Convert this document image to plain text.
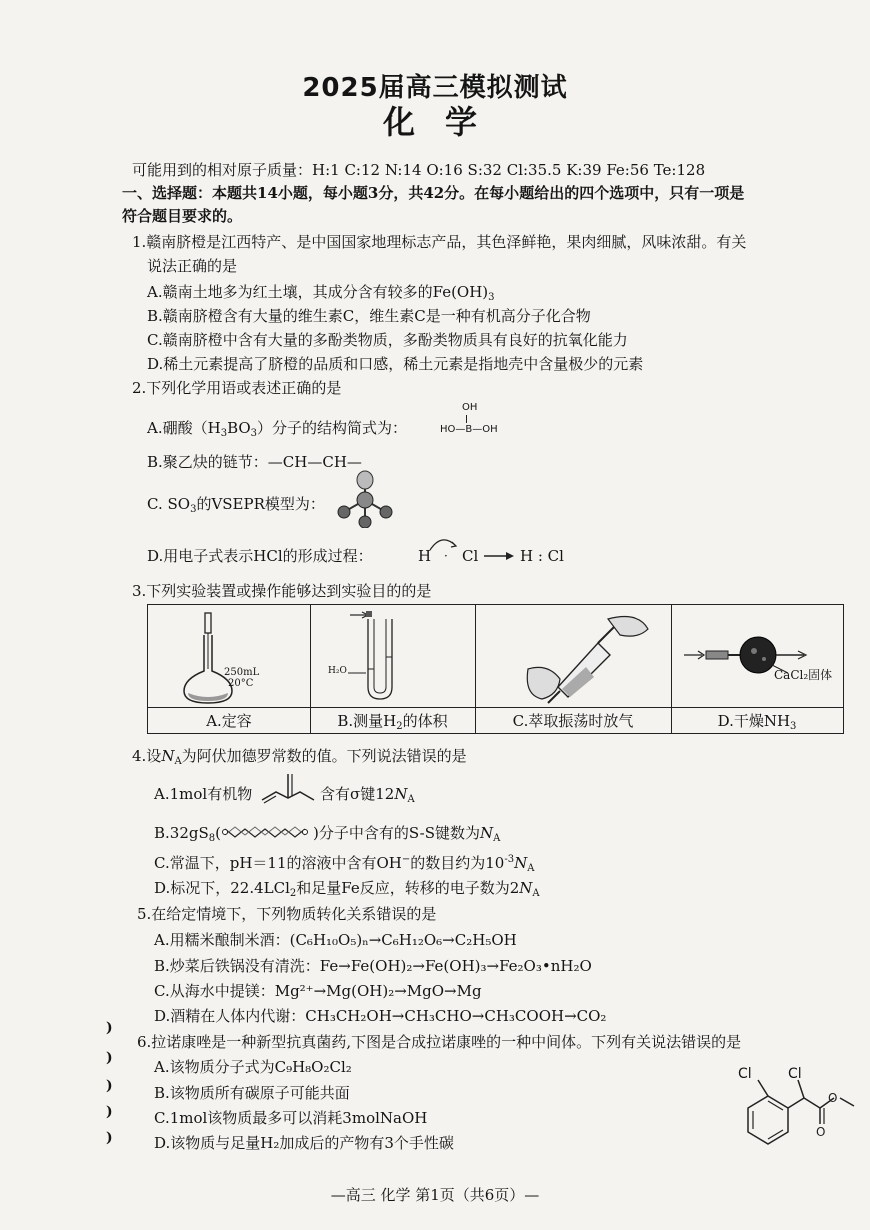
2025届高三模拟测试
化学
可能用到的相对原子质量：H:1 C:12 N:14 O:16 S:32 Cl:35.5 K:39 Fe:56 Te:128
一、选择题：本题共14小题，每小题3分，共42分。在每小题给出的四个选项中，只有一项是
符合题目要求的。
1.赣南脐橙是江西特产、是中国国家地理标志产品，其色泽鲜艳，果肉细腻，风味浓甜。有关
说法正确的是
A.赣南土地多为红土壤，其成分含有较多的$Fe(OH)_3$
B.赣南脐橙含有大量的维生素C，维生素C是一种有机高分子化合物
C.赣南脐橙中含有大量的多酚类物质，多酚类物质具有良好的抗氧化能力
D.稀土元素提高了脐橙的品质和口感，稀土元素是指地壳中含量极少的元素
2.下列化学用语或表述正确的是
A.硼酸$(H_3BO_3)$分子的结构简式为：
OH
HO—B—OH
B.聚乙炔的链节：—CH—CH—
C. $SO_3$的VSEPR模型为：
D.用电子式表示HCl的形成过程：	H · Cl → H : Cl
3.下列实验装置或操作能够达到实验目的的是
250mL
20°C
H₂O	CaCl₂固体
A.定容	B.测量$H_2$的体积	C.萃取振荡时放气	D.干燥$NH_3$
4.设$N_A$为阿伏加德罗常数的值。下列说法错误的是
A.1mol有机物	含有σ键$12N_A$
$B.32gS_8$(	)分子中含有的S-S键数为$N_A$
C.常温下，pH＝11的溶液中含有OH−的数目约为$10^{-3}N_A$
D.标况下，22.4LCl$_2$和足量Fe反应，转移的电子数为$2N_A$
5.在给定情境下，下列物质转化关系错误的是
A.用糯米酿制米酒：(C₆H₁₀O₅)ₙ→C₆H₁₂O₆→C₂H₅OH
B.炒菜后铁锅没有清洗：Fe→Fe(OH)₂→Fe(OH)₃→Fe₂O₃•nH₂O
C.从海水中提镁：Mg²⁺→Mg(OH)₂→MgO→Mg
D.酒精在人体内代谢：CH₃CH₂OH→CH₃CHO→CH₃COOH→CO₂
6.拉诺康唑是一种新型抗真菌药,下图是合成拉诺康唑的一种中间体。下列有关说法错误的是
A.该物质分子式为C₉H₈O₂Cl₂
B.该物质所有碳原子可能共面
C.1mol该物质最多可以消耗3molNaOH
D.该物质与足量H₂加成后的产物有3个手性碳
O
O
Cl	Cl
)
)
)
)
)
—高三 化学 第1页（共6页）—
